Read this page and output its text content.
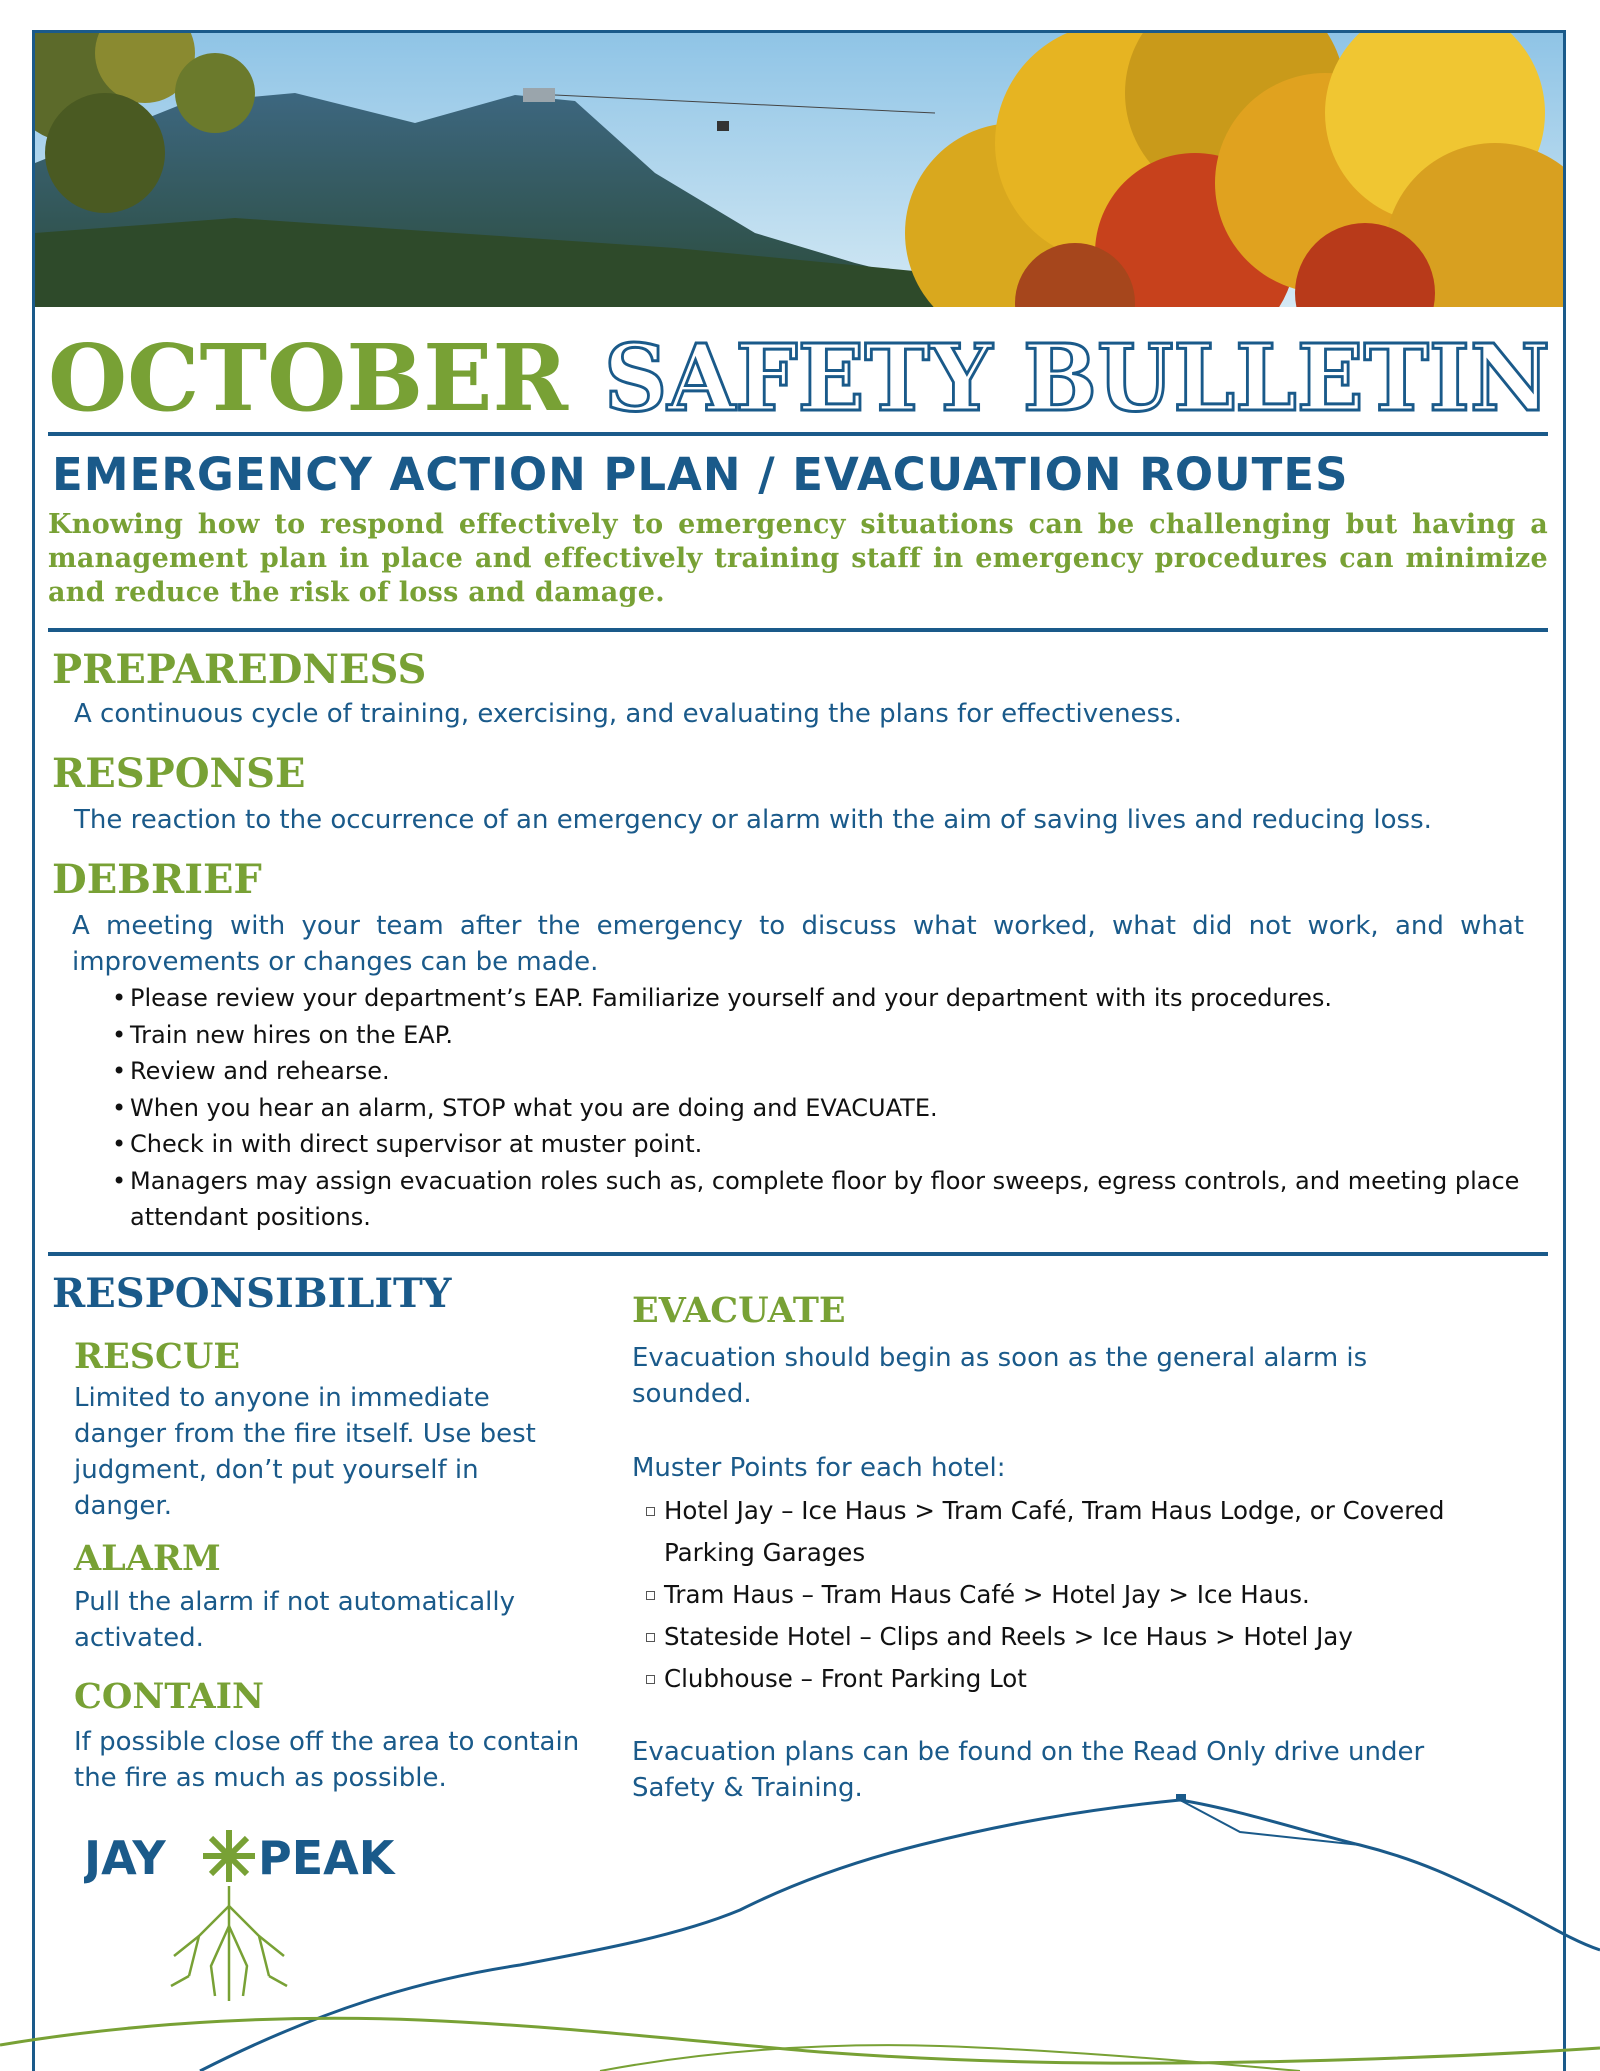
OCTOBER SAFETY BULLETIN
EMERGENCY ACTION PLAN / EVACUATION ROUTES

Knowing how to respond effectively to emergency situations can be challenging but having a management plan in place and effectively training staff in emergency procedures can minimize and reduce the risk of loss and damage.

PREPAREDNESS

A continuous cycle of training, exercising, and evaluating the plans for effectiveness.

RESPONSE

The reaction to the occurrence of an emergency or alarm with the aim of saving lives and reducing loss.

DEBRIEF

A meeting with your team after the emergency to discuss what worked, what did not work, and what improvements or changes can be made.

• Please review your department’s EAP. Familiarize yourself and your department with its procedures.
• Train new hires on the EAP.
• Review and rehearse.
• When you hear an alarm, STOP what you are doing and EVACUATE.
• Check in with direct supervisor at muster point.
• Managers may assign evacuation roles such as, complete floor by floor sweeps, egress controls, and meeting place attendant positions.
RESPONSIBILITY
RESCUE

Limited to anyone in immediate danger from the fire itself. Use best judgment, don’t put yourself in danger.

ALARM

Pull the alarm if not automatically activated.

CONTAIN

If possible close off the area to contain the fire as much as possible.

EVACUATE

Evacuation should begin as soon as the general alarm is sounded.

Muster Points for each hotel:

Hotel Jay – Ice Haus > Tram Café, Tram Haus Lodge, or Covered Parking Garages
Tram Haus – Tram Haus Café > Hotel Jay > Ice Haus.
Stateside Hotel – Clips and Reels > Ice Haus > Hotel Jay
Clubhouse – Front Parking Lot

Evacuation plans can be found on the Read Only drive under Safety & Training.

JAY PEAK
